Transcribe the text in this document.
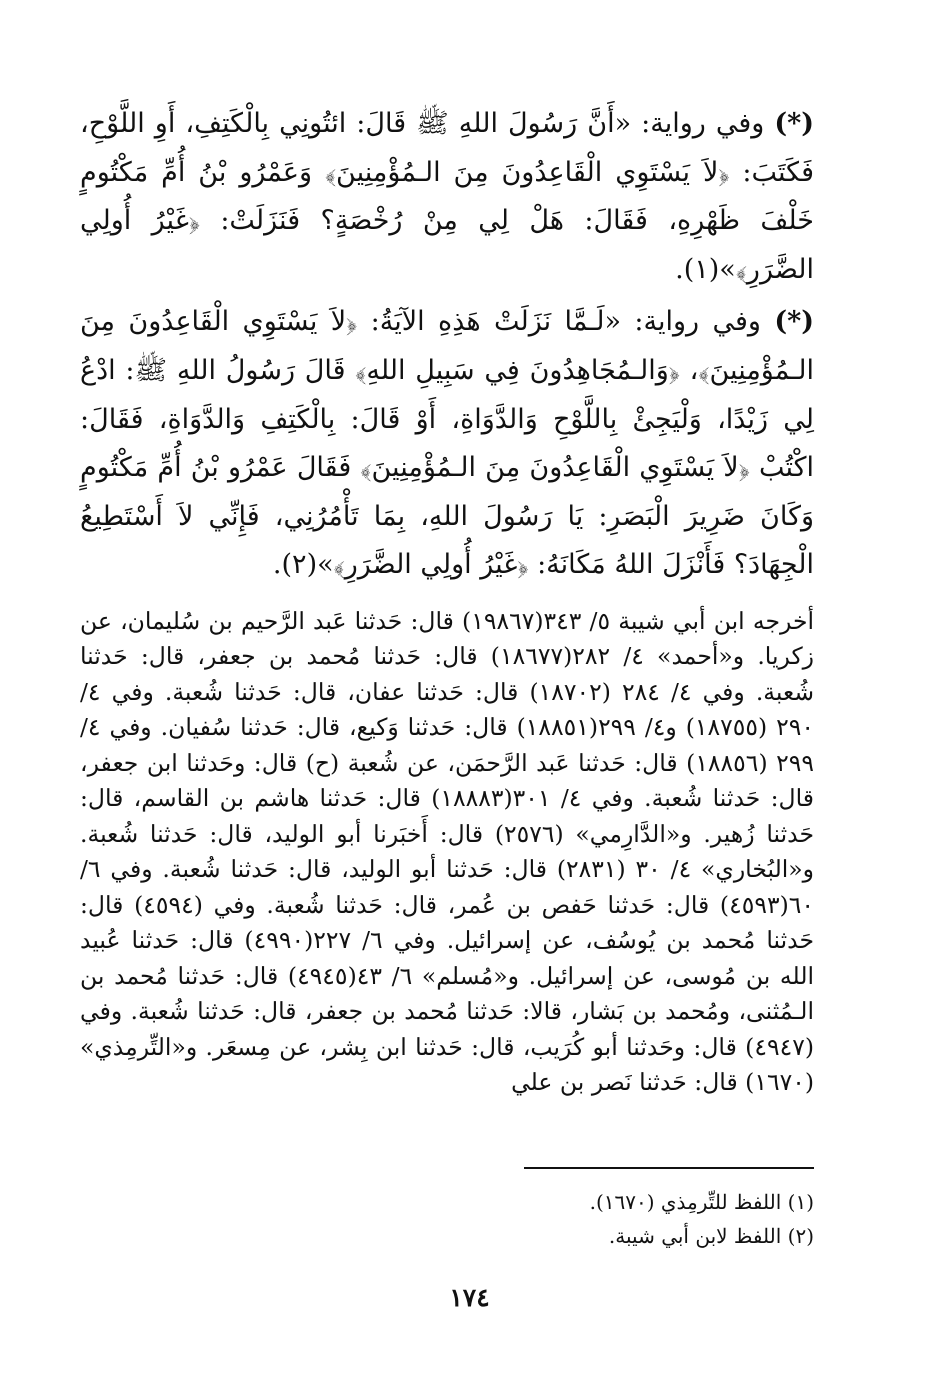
(*) وفي رواية: «أَنَّ رَسُولَ اللهِ ﷺ قَالَ: ائتُونِي بِالْكَتِفِ، أَوِ اللَّوْحِ، فَكَتَبَ: ﴿لاَ يَسْتَوِي الْقَاعِدُونَ مِنَ الـمُؤْمِنِينَ﴾ وَعَمْرُو بْنُ أُمِّ مَكْتُومٍ خَلْفَ ظَهْرِهِ، فَقَالَ: هَلْ لِي مِنْ رُخْصَةٍ؟ فَنَزَلَتْ: ﴿غَيْرُ أُولِي الضَّرَرِ﴾»(١).

(*) وفي رواية: «لَـمَّا نَزَلَتْ هَذِهِ الآيَةُ: ﴿لاَ يَسْتَوِي الْقَاعِدُونَ مِنَ الـمُؤْمِنِينَ﴾، ﴿وَالـمُجَاهِدُونَ فِي سَبِيلِ اللهِ﴾ قَالَ رَسُولُ اللهِ ﷺ: ادْعُ لِي زَيْدًا، وَلْيَجِئْ بِاللَّوْحِ وَالدَّوَاةِ، أَوْ قَالَ: بِالْكَتِفِ وَالدَّوَاةِ، فَقَالَ: اكْتُبْ ﴿لاَ يَسْتَوِي الْقَاعِدُونَ مِنَ الـمُؤْمِنِينَ﴾ فَقَالَ عَمْرُو بْنُ أُمِّ مَكْتُومٍ وَكَانَ ضَرِيرَ الْبَصَرِ: يَا رَسُولَ اللهِ، بِمَا تَأْمُرُنِي، فَإِنِّي لاَ أَسْتَطِيعُ الْجِهَادَ؟ فَأَنْزَلَ اللهُ مَكَانَهُ: ﴿غَيْرُ أُولِي الضَّرَرِ﴾»(٢).

أخرجه ابن أبي شيبة ٥/ ٣٤٣(١٩٨٦٧) قال: حَدثنا عَبد الرَّحيم بن سُليمان، عن زكريا. و«أحمد» ٤/ ٢٨٢(١٨٦٧٧) قال: حَدثنا مُحمد بن جعفر، قال: حَدثنا شُعبة. وفي ٤/ ٢٨٤ (١٨٧٠٢) قال: حَدثنا عفان، قال: حَدثنا شُعبة. وفي ٤/ ٢٩٠ (١٨٧٥٥) و٤/ ٢٩٩(١٨٨٥١) قال: حَدثنا وَكيع، قال: حَدثنا سُفيان. وفي ٤/ ٢٩٩ (١٨٨٥٦) قال: حَدثنا عَبد الرَّحمَن، عن شُعبة (ح) قال: وحَدثنا ابن جعفر، قال: حَدثنا شُعبة. وفي ٤/ ٣٠١(١٨٨٨٣) قال: حَدثنا هاشم بن القاسم، قال: حَدثنا زُهير. و«الدَّارِمي» (٢٥٧٦) قال: أَخبَرنا أبو الوليد، قال: حَدثنا شُعبة. و«البُخاري» ٤/ ٣٠ (٢٨٣١) قال: حَدثنا أبو الوليد، قال: حَدثنا شُعبة. وفي ٦/ ٦٠(٤٥٩٣) قال: حَدثنا حَفص بن عُمر، قال: حَدثنا شُعبة. وفي (٤٥٩٤) قال: حَدثنا مُحمد بن يُوسُف، عن إسرائيل. وفي ٦/ ٢٢٧(٤٩٩٠) قال: حَدثنا عُبيد الله بن مُوسى، عن إسرائيل. و«مُسلم» ٦/ ٤٣(٤٩٤٥) قال: حَدثنا مُحمد بن الـمُثنى، ومُحمد بن بَشار، قالا: حَدثنا مُحمد بن جعفر، قال: حَدثنا شُعبة. وفي (٤٩٤٧) قال: وحَدثنا أبو كُرَيب، قال: حَدثنا ابن بِشر، عن مِسعَر. و«التِّرمِذي» (١٦٧٠) قال: حَدثنا نَصر بن علي

(١) اللفظ للتِّرمِذي (١٦٧٠).
(٢) اللفظ لابن أبي شيبة.
١٧٤
